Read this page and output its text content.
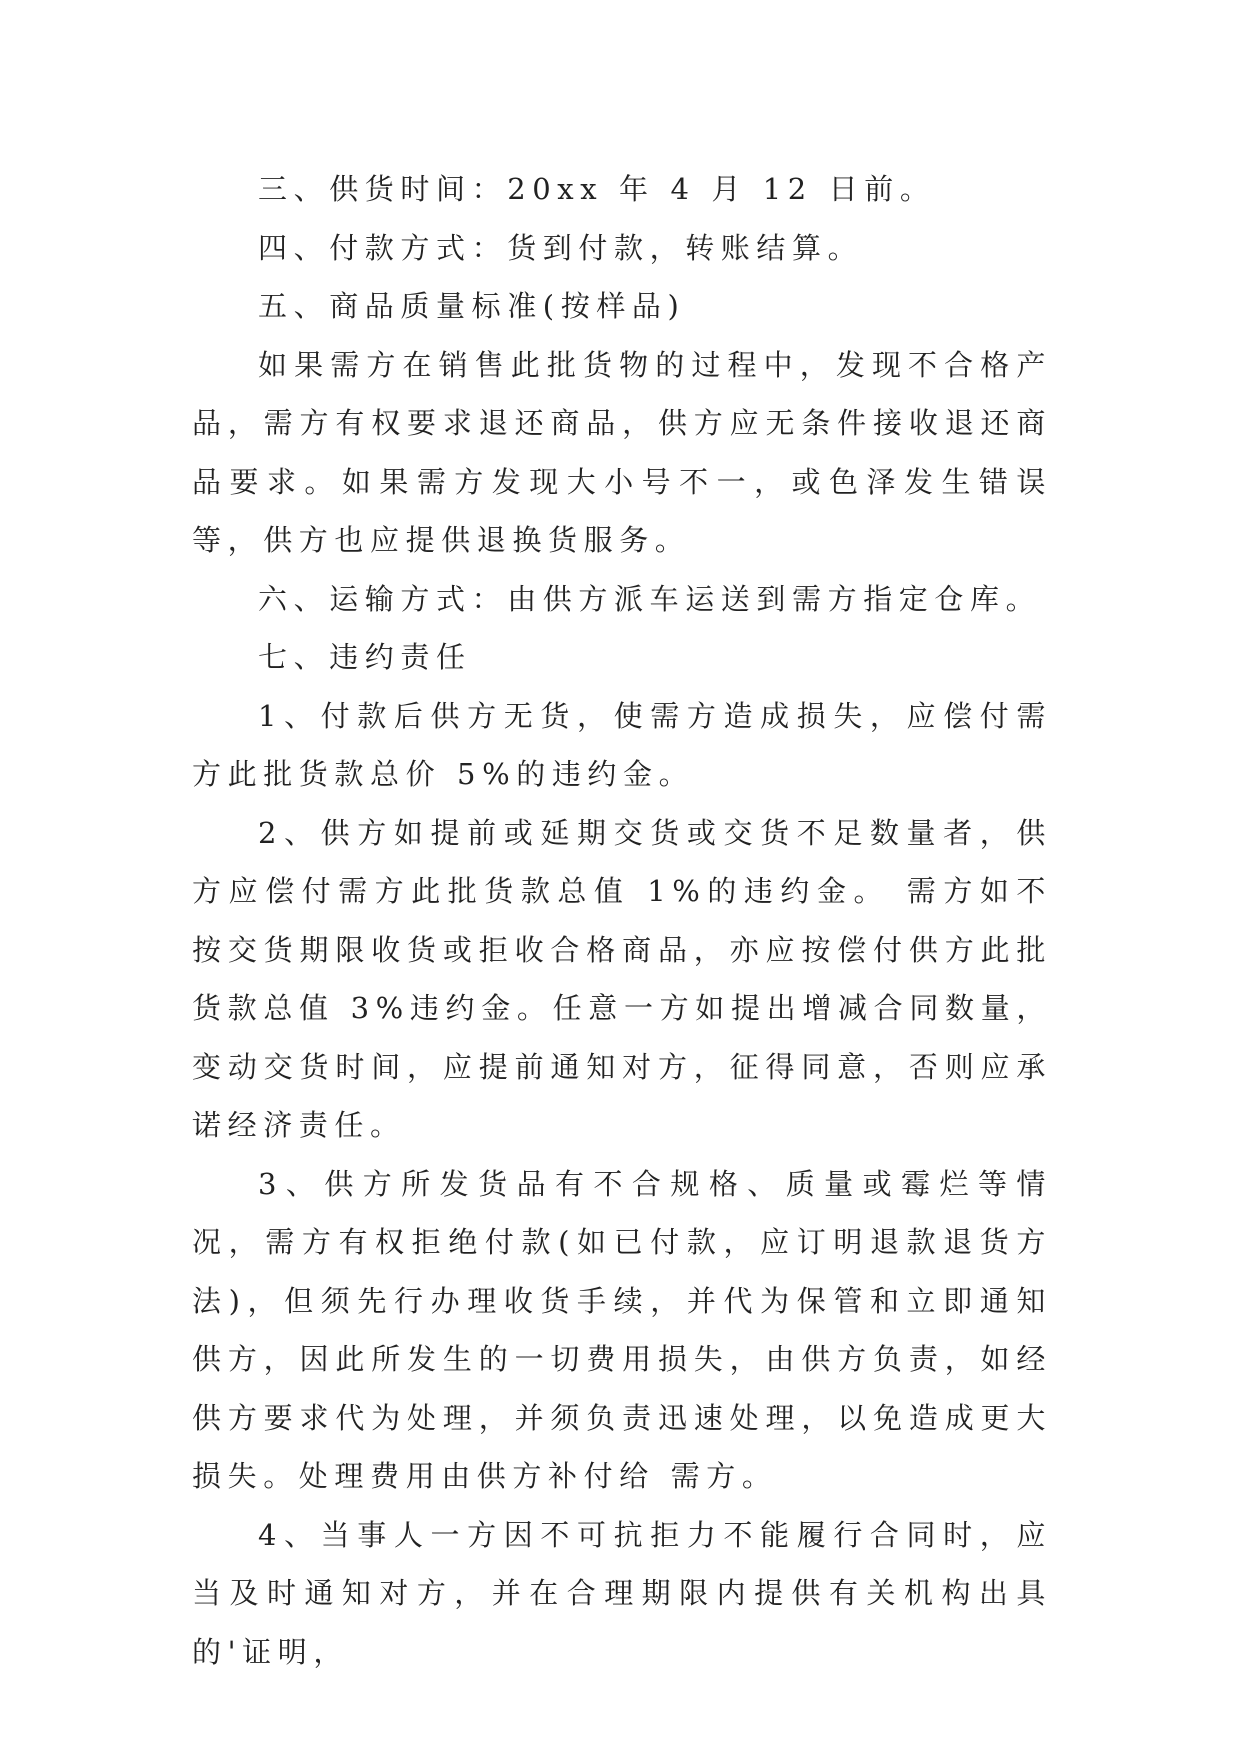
三、供货时间：20xx 年 4 月 12 日前。

四、付款方式：货到付款，转账结算。

五、商品质量标准(按样品)

如果需方在销售此批货物的过程中，发现不合格产品，需方有权要求退还商品，供方应无条件接收退还商品要求。如果需方发现大小号不一，或色泽发生错误等，供方也应提供退换货服务。

六、运输方式：由供方派车运送到需方指定仓库。

七、违约责任

1、付款后供方无货，使需方造成损失，应偿付需方此批货款总价 5%的违约金。

2、供方如提前或延期交货或交货不足数量者，供方应偿付需方此批货款总值 1%的违约金。 需方如不按交货期限收货或拒收合格商品，亦应按偿付供方此批货款总值 3%违约金。任意一方如提出增减合同数量，变动交货时间，应提前通知对方，征得同意，否则应承诺经济责任。

3、供方所发货品有不合规格、质量或霉烂等情况，需方有权拒绝付款(如已付款，应订明退款退货方法)，但须先行办理收货手续，并代为保管和立即通知供方，因此所发生的一切费用损失，由供方负责，如经供方要求代为处理，并须负责迅速处理，以免造成更大损失。处理费用由供方补付给 需方。

4、当事人一方因不可抗拒力不能履行合同时，应当及时通知对方，并在合理期限内提供有关机构出具的'证明，
